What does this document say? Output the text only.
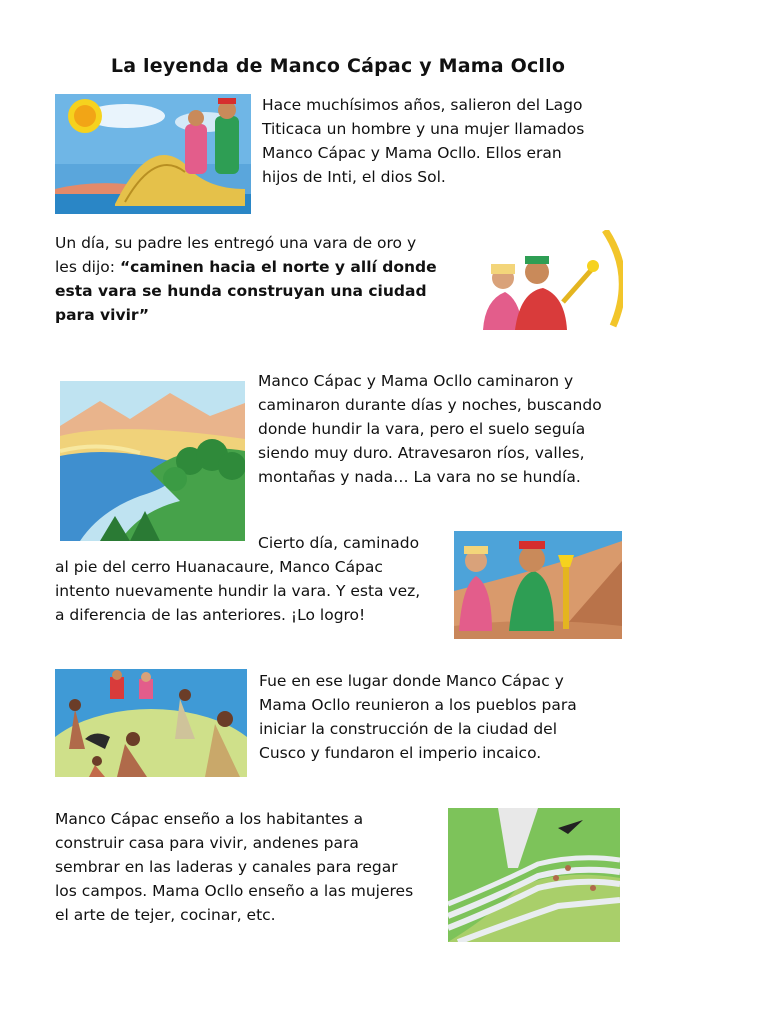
La leyenda de Manco Cápac y Mama Ocllo
Hace muchísimos años, salieron del Lago
Titicaca un hombre y una mujer llamados
Manco Cápac y Mama Ocllo. Ellos eran
hijos de Inti, el dios Sol.
Un día, su padre les entregó una vara de oro y
les dijo: “caminen hacia el norte y allí donde
esta vara se hunda construyan una ciudad
para vivir”
Manco Cápac y Mama Ocllo caminaron y
caminaron durante días y noches, buscando
donde hundir la vara, pero el suelo seguía
siendo muy duro. Atravesaron ríos, valles,
montañas y nada… La vara no se hundía.
Cierto día, caminado
al pie del cerro Huanacaure, Manco Cápac
intento nuevamente hundir la vara. Y esta vez,
a diferencia de las anteriores. ¡Lo logro!
Fue en ese lugar donde Manco Cápac y
Mama Ocllo reunieron a los pueblos para
iniciar la construcción de la ciudad del
Cusco y fundaron el imperio incaico.
Manco Cápac enseño a los habitantes a
construir casa para vivir, andenes para
sembrar en las laderas y canales para regar
los campos. Mama Ocllo enseño a las mujeres
el arte de tejer, cocinar, etc.
